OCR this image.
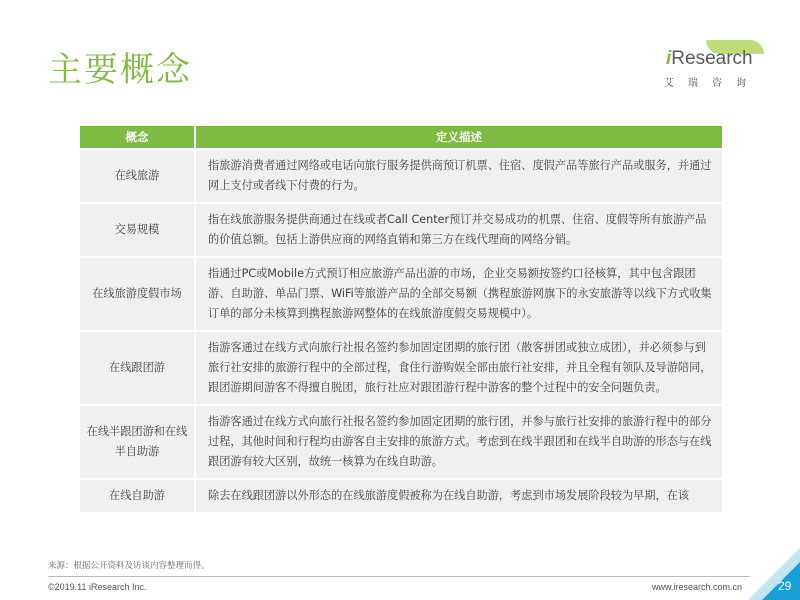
主要概念	iResearch
艾瑞咨询
概念	定义描述
在线旅游	指旅游消费者通过网络或电话向旅行服务提供商预订机票、住宿、度假产品等旅行产品或服务，并通过网上支付或者线下付费的行为。
交易规模	指在线旅游服务提供商通过在线或者Call Center预订并交易成功的机票、住宿、度假等所有旅游产品的价值总额。包括上游供应商的网络直销和第三方在线代理商的网络分销。
在线旅游度假市场	指通过PC或Mobile方式预订相应旅游产品出游的市场，企业交易额按签约口径核算，其中包含跟团游、自助游、单品门票、WiFi等旅游产品的全部交易额（携程旅游网旗下的永安旅游等以线下方式收集订单的部分未核算到携程旅游网整体的在线旅游度假交易规模中）。
在线跟团游	指游客通过在线方式向旅行社报名签约参加固定团期的旅行团（散客拼团或独立成团），并必须参与到旅行社安排的旅游行程中的全部过程，食住行游购娱全部由旅行社安排，并且全程有领队及导游陪同，跟团游期间游客不得擅自脱团，旅行社应对跟团游行程中游客的整个过程中的安全问题负责。
在线半跟团游和在线半自助游	指游客通过在线方式向旅行社报名签约参加固定团期的旅行团，并参与旅行社安排的旅游行程中的部分过程，其他时间和行程均由游客自主安排的旅游方式。考虑到在线半跟团和在线半自助游的形态与在线跟团游有较大区别，故统一核算为在线自助游。
在线自助游	除去在线跟团游以外形态的在线旅游度假被称为在线自助游，考虑到市场发展阶段较为早期，在该
来源：根据公开资料及访谈内容整理而得。
©2019.11 iResearch Inc.	www.iresearch.com.cn	29
